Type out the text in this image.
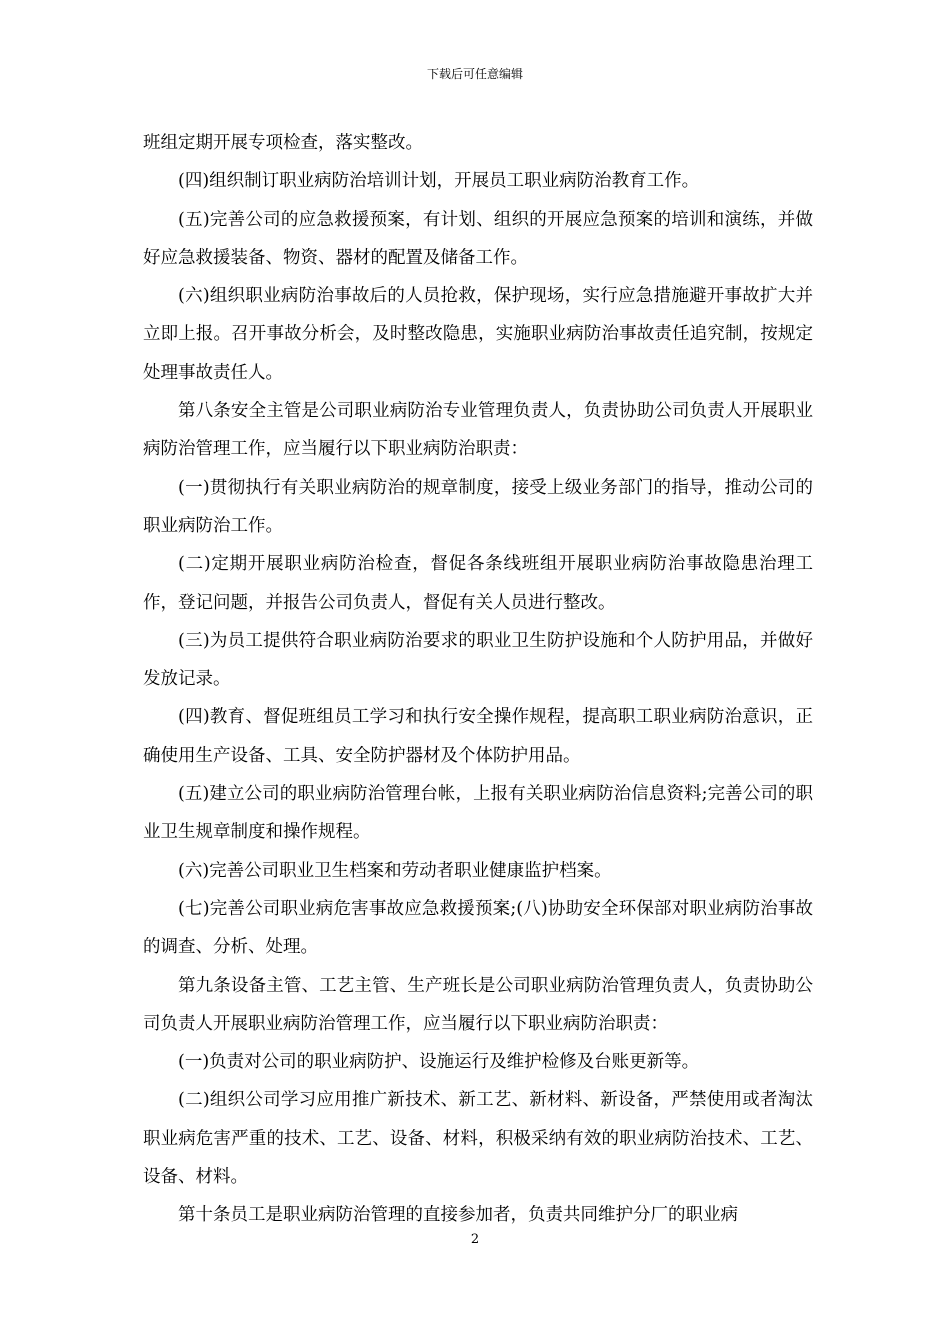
下载后可任意编辑

班组定期开展专项检查，落实整改。

(四)组织制订职业病防治培训计划，开展员工职业病防治教育工作。

(五)完善公司的应急救援预案，有计划、组织的开展应急预案的培训和演练，并做好应急救援装备、物资、器材的配置及储备工作。

(六)组织职业病防治事故后的人员抢救，保护现场，实行应急措施避开事故扩大并立即上报。召开事故分析会，及时整改隐患，实施职业病防治事故责任追究制，按规定处理事故责任人。

第八条安全主管是公司职业病防治专业管理负责人，负责协助公司负责人开展职业病防治管理工作，应当履行以下职业病防治职责：

(一)贯彻执行有关职业病防治的规章制度，接受上级业务部门的指导，推动公司的职业病防治工作。

(二)定期开展职业病防治检查，督促各条线班组开展职业病防治事故隐患治理工作，登记问题，并报告公司负责人，督促有关人员进行整改。

(三)为员工提供符合职业病防治要求的职业卫生防护设施和个人防护用品，并做好发放记录。

(四)教育、督促班组员工学习和执行安全操作规程，提高职工职业病防治意识，正确使用生产设备、工具、安全防护器材及个体防护用品。

(五)建立公司的职业病防治管理台帐，上报有关职业病防治信息资料;完善公司的职业卫生规章制度和操作规程。

(六)完善公司职业卫生档案和劳动者职业健康监护档案。

(七)完善公司职业病危害事故应急救援预案;(八)协助安全环保部对职业病防治事故的调查、分析、处理。

第九条设备主管、工艺主管、生产班长是公司职业病防治管理负责人，负责协助公司负责人开展职业病防治管理工作，应当履行以下职业病防治职责：

(一)负责对公司的职业病防护、设施运行及维护检修及台账更新等。

(二)组织公司学习应用推广新技术、新工艺、新材料、新设备，严禁使用或者淘汰职业病危害严重的技术、工艺、设备、材料，积极采纳有效的职业病防治技术、工艺、设备、材料。

第十条员工是职业病防治管理的直接参加者，负责共同维护分厂的职业病

2
